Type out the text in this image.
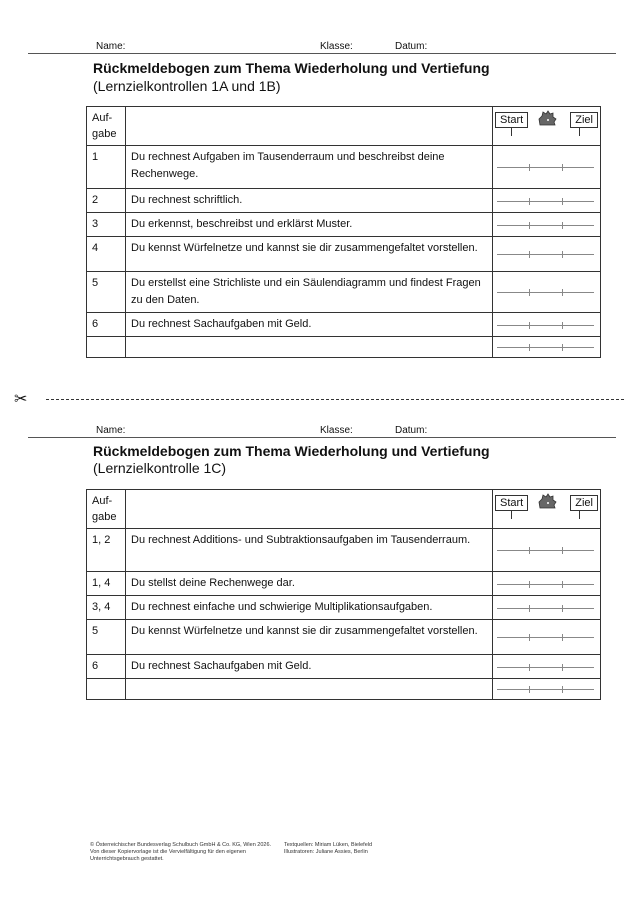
Name:	Klasse:	Datum:
Rückmeldebogen zum Thema Wiederholung und Vertiefung
(Lernzielkontrollen 1A und 1B)
Auf-
gabe		Start Ziel

1	Du rechnest Aufgaben im Tausenderraum und beschreibst deine Rechenwege.	

2	Du rechnest schriftlich.	

3	Du erkennst, beschreibst und erklärst Muster.	

4	Du kennst Würfelnetze und kannst sie dir zusammengefaltet vorstellen.	

5	Du erstellst eine Strichliste und ein Säulendiagramm und findest Fragen zu den Daten.	

6	Du rechnest Sachaufgaben mit Geld.	

✂
Name:	Klasse:	Datum:
Rückmeldebogen zum Thema Wiederholung und Vertiefung
(Lernzielkontrolle 1C)
Auf-
gabe		Start Ziel

1, 2	Du rechnest Additions- und Subtraktionsaufgaben im Tausenderraum.	

1, 4	Du stellst deine Rechenwege dar.	

3, 4	Du rechnest einfache und schwierige Multiplikationsaufgaben.	

5	Du kennst Würfelnetze und kannst sie dir zusammengefaltet vorstellen.	

6	Du rechnest Sachaufgaben mit Geld.	

© Österreichischer Bundesverlag Schulbuch GmbH & Co. KG, Wien 2026.
Von dieser Kopiervorlage ist die Vervielfältigung für den eigenen
Unterrichtsgebrauch gestattet.
Textquellen: Miriam Lüken, Bielefeld
Illustratoren: Juliane Assies, Berlin
